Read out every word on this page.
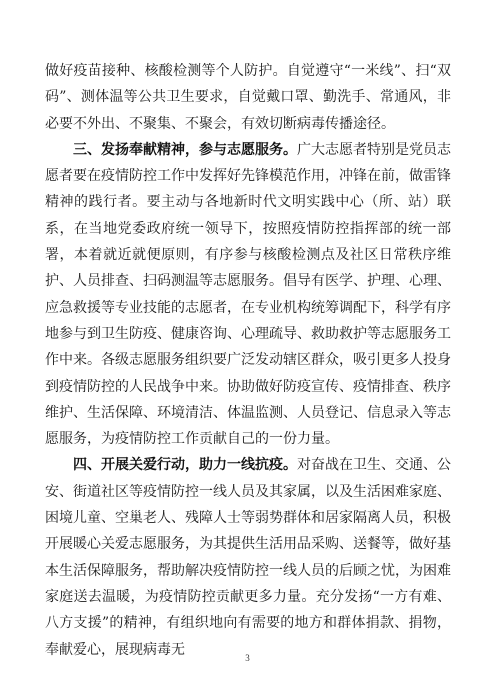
做好疫苗接种、核酸检测等个人防护。自觉遵守“一米线”、扫“双码”、测体温等公共卫生要求，自觉戴口罩、勤洗手、常通风，非必要不外出、不聚集、不聚会，有效切断病毒传播途径。

三、发扬奉献精神，参与志愿服务。广大志愿者特别是党员志愿者要在疫情防控工作中发挥好先锋模范作用，冲锋在前，做雷锋精神的践行者。要主动与各地新时代文明实践中心（所、站）联系，在当地党委政府统一领导下，按照疫情防控指挥部的统一部署，本着就近就便原则，有序参与核酸检测点及社区日常秩序维护、人员排查、扫码测温等志愿服务。倡导有医学、护理、心理、应急救援等专业技能的志愿者，在专业机构统筹调配下，科学有序地参与到卫生防疫、健康咨询、心理疏导、救助救护等志愿服务工作中来。各级志愿服务组织要广泛发动辖区群众，吸引更多人投身到疫情防控的人民战争中来。协助做好防疫宣传、疫情排查、秩序维护、生活保障、环境清洁、体温监测、人员登记、信息录入等志愿服务，为疫情防控工作贡献自己的一份力量。

四、开展关爱行动，助力一线抗疫。对奋战在卫生、交通、公安、街道社区等疫情防控一线人员及其家属，以及生活困难家庭、困境儿童、空巢老人、残障人士等弱势群体和居家隔离人员，积极开展暖心关爱志愿服务，为其提供生活用品采购、送餐等，做好基本生活保障服务，帮助解决疫情防控一线人员的后顾之忧，为困难家庭送去温暖，为疫情防控贡献更多力量。充分发扬“一方有难、八方支援”的精神，有组织地向有需要的地方和群体捐款、捐物，奉献爱心，展现病毒无

3
